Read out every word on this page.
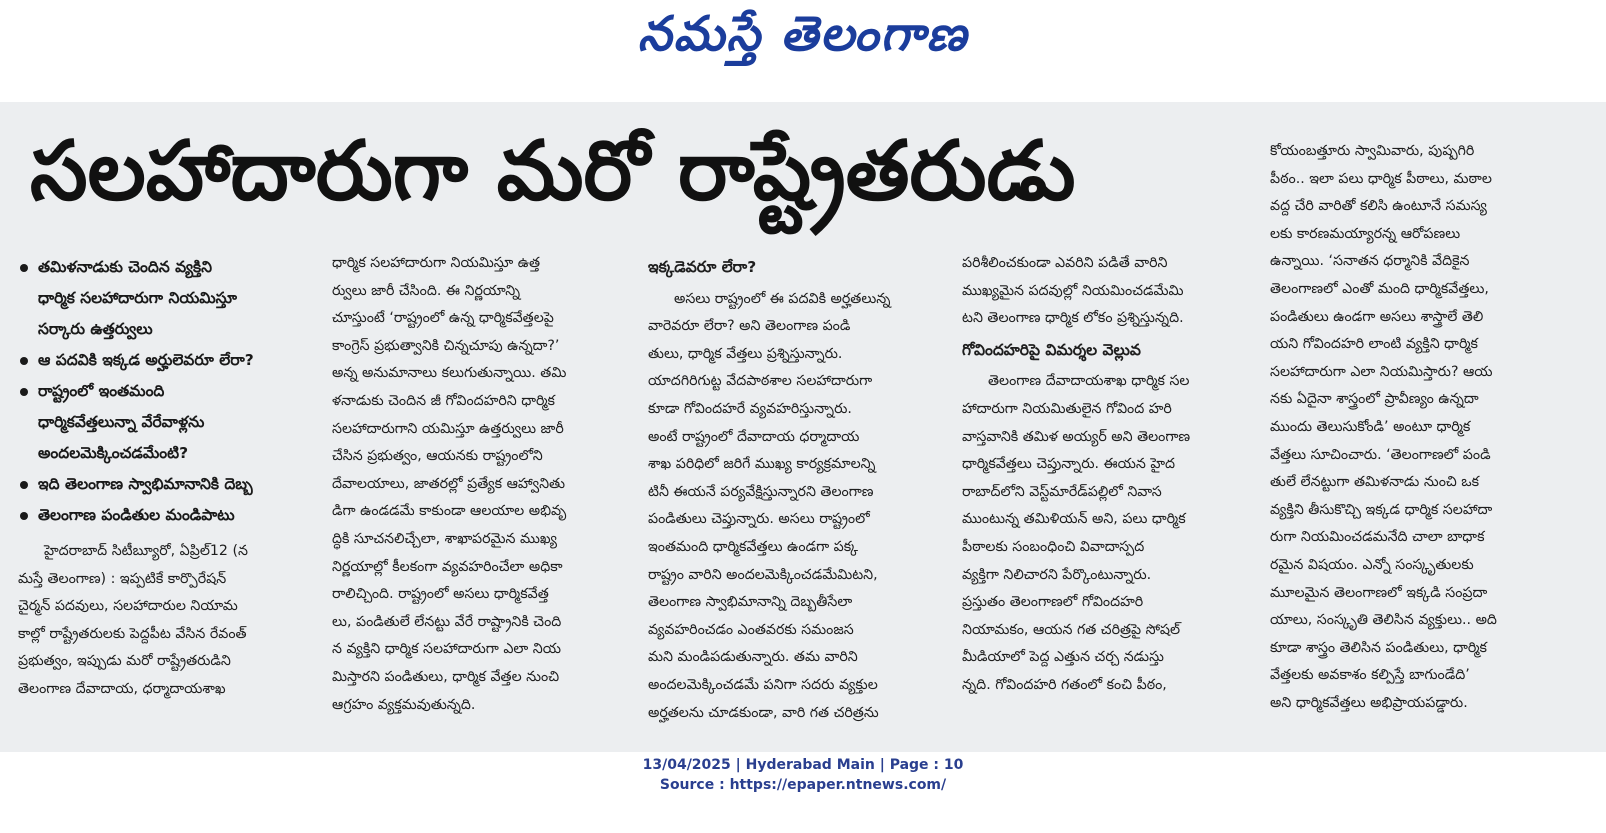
నమస్తే తెలంగాణ
సలహాదారుగా మరో రాష్ట్రేతరుడు
తమిళనాడుకు చెందిన వ్యక్తిని
ధార్మిక సలహాదారుగా నియమిస్తూ
సర్కారు ఉత్తర్వులు
ఆ పదవికి ఇక్కడ అర్హులెవరూ లేరా?
రాష్ట్రంలో ఇంతమంది
ధార్మికవేత్తలున్నా వేరేవాళ్లను
అందలమెక్కించడమేంటి?
ఇది తెలంగాణ స్వాభిమానానికి దెబ్బ
తెలంగాణ పండితుల మండిపాటు

హైదరాబాద్ సిటీబ్యూరో, ఏప్రిల్12 (న

మస్తే తెలంగాణ) : ఇప్పటికే కార్పొరేషన్

చైర్మన్ పదవులు, సలహాదారుల నియామ

కాల్లో రాష్ట్రేతరులకు పెద్దపీట వేసిన రేవంత్

ప్రభుత్వం, ఇప్పుడు మరో రాష్ట్రేతరుడిని

తెలంగాణ దేవాదాయ, ధర్మాదాయశాఖ

ధార్మిక సలహాదారుగా నియమిస్తూ ఉత్త

ర్వులు జారీ చేసింది. ఈ నిర్ణయాన్ని

చూస్తుంటే ‘రాష్ట్రంలో ఉన్న ధార్మికవేత్తలపై

కాంగ్రెస్ ప్రభుత్వానికి చిన్నచూపు ఉన్నదా?’

అన్న అనుమానాలు కలుగుతున్నాయి. తమి

ళనాడుకు చెందిన జీ గోవిందహరిని ధార్మిక

సలహాదారుగాని యమిస్తూ ఉత్తర్వులు జారీ

చేసిన ప్రభుత్వం, ఆయనకు రాష్ట్రంలోని

దేవాలయాలు, జాతరల్లో ప్రత్యేక ఆహ్వానితు

డిగా ఉండడమే కాకుండా ఆలయాల అభివృ

ద్ధికి సూచనలిచ్చేలా, శాఖాపరమైన ముఖ్య

నిర్ణయాల్లో కీలకంగా వ్యవహరించేలా అధికా

రాలిచ్చింది. రాష్ట్రంలో అసలు ధార్మికవేత్త

లు, పండితులే లేనట్టు వేరే రాష్ట్రానికి చెంది

న వ్యక్తిని ధార్మిక సలహాదారుగా ఎలా నియ

మిస్తారని పండితులు, ధార్మిక వేత్తల నుంచి

ఆగ్రహం వ్యక్తమవుతున్నది.

ఇక్కడెవరూ లేరా?

అసలు రాష్ట్రంలో ఈ పదవికి అర్హతలున్న

వారెవరూ లేరా? అని తెలంగాణ పండి

తులు, ధార్మిక వేత్తలు ప్రశ్నిస్తున్నారు.

యాదగిరిగుట్ట వేదపాఠశాల సలహాదారుగా

కూడా గోవిందహరే వ్యవహరిస్తున్నారు.

అంటే రాష్ట్రంలో దేవాదాయ ధర్మాదాయ

శాఖ పరిధిలో జరిగే ముఖ్య కార్యక్రమాలన్ని

టినీ ఈయనే పర్యవేక్షిస్తున్నారని తెలంగాణ

పండితులు చెప్తున్నారు. అసలు రాష్ట్రంలో

ఇంతమంది ధార్మికవేత్తలు ఉండగా పక్క

రాష్ట్రం వారిని అందలమెక్కించడమేమిటని,

తెలంగాణ స్వాభిమానాన్ని దెబ్బతీసేలా

వ్యవహరించడం ఎంతవరకు సమంజస

మని మండిపడుతున్నారు. తమ వారిని

అందలమెక్కించడమే పనిగా సదరు వ్యక్తుల

అర్హతలను చూడకుండా, వారి గత చరిత్రను

పరిశీలించకుండా ఎవరిని పడితే వారిని

ముఖ్యమైన పదవుల్లో నియమించడమేమి

టని తెలంగాణ ధార్మిక లోకం ప్రశ్నిస్తున్నది.

గోవిందహరిపై విమర్శల వెల్లువ

తెలంగాణ దేవాదాయశాఖ ధార్మిక సల

హాదారుగా నియమితులైన గోవింద హరి

వాస్తవానికి తమిళ అయ్యర్ అని తెలంగాణ

ధార్మికవేత్తలు చెప్తున్నారు. ఈయన హైద

రాబాద్‌లోని వెస్ట్‌మారేడ్‌పల్లిలో నివాస

ముంటున్న తమిళియన్ అని, పలు ధార్మిక

పీఠాలకు సంబంధించి వివాదాస్పద

వ్యక్తిగా నిలిచారని పేర్కొంటున్నారు.

ప్రస్తుతం తెలంగాణలో గోవిందహరి

నియామకం, ఆయన గత చరిత్రపై సోషల్

మీడియాలో పెద్ద ఎత్తున చర్చ నడుస్తు

న్నది. గోవిందహరి గతంలో కంచి పీఠం,

కోయంబత్తూరు స్వామివారు, పుష్పగిరి

పీఠం.. ఇలా పలు ధార్మిక పీఠాలు, మఠాల

వద్ద చేరి వారితో కలిసి ఉంటూనే సమస్య

లకు కారణమయ్యారన్న ఆరోపణలు

ఉన్నాయి. ‘సనాతన ధర్మానికి వేదికైన

తెలంగాణలో ఎంతో మంది ధార్మికవేత్తలు,

పండితులు ఉండగా అసలు శాస్త్రాలే తెలి

యని గోవిందహరి లాంటి వ్యక్తిని ధార్మిక

సలహాదారుగా ఎలా నియమిస్తారు? ఆయ

నకు ఏదైనా శాస్త్రంలో ప్రావీణ్యం ఉన్నదా

ముందు తెలుసుకోండి’ అంటూ ధార్మిక

వేత్తలు సూచించారు. ‘తెలంగాణలో పండి

తులే లేనట్టుగా తమిళనాడు నుంచి ఒక

వ్యక్తిని తీసుకొచ్చి ఇక్కడ ధార్మిక సలహాదా

రుగా నియమించడమనేది చాలా బాధాక

రమైన విషయం. ఎన్నో సంస్కృతులకు

మూలమైన తెలంగాణలో ఇక్కడి సంప్రదా

యాలు, సంస్కృతి తెలిసిన వ్యక్తులు.. అది

కూడా శాస్త్రం తెలిసిన పండితులు, ధార్మిక

వేత్తలకు అవకాశం కల్పిస్తే బాగుండేది’

అని ధార్మికవేత్తలు అభిప్రాయపడ్డారు.

13/04/2025 | Hyderabad Main | Page : 10
Source : https://epaper.ntnews.com/
